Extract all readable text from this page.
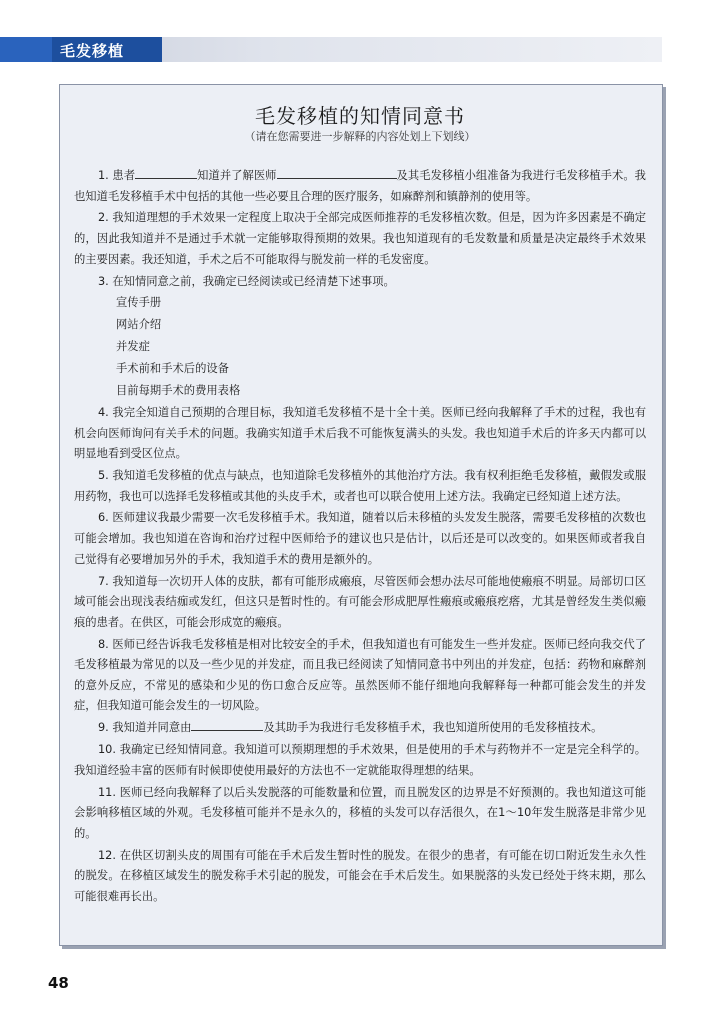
毛发移植
毛发移植的知情同意书
（请在您需要进一步解释的内容处划上下划线）

1. 患者	知道并了解医师	及其毛发移植小组准备为我进行毛发移植手术。我也知道毛发移植手术中包括的其他一些必要且合理的医疗服务，如麻醉剂和镇静剂的使用等。

2. 我知道理想的手术效果一定程度上取决于全部完成医师推荐的毛发移植次数。但是，因为许多因素是不确定的，因此我知道并不是通过手术就一定能够取得预期的效果。我也知道现有的毛发数量和质量是决定最终手术效果的主要因素。我还知道，手术之后不可能取得与脱发前一样的毛发密度。

3. 在知情同意之前，我确定已经阅读或已经清楚下述事项。

宣传手册

网站介绍

并发症

手术前和手术后的设备

目前每期手术的费用表格

4. 我完全知道自己预期的合理目标，我知道毛发移植不是十全十美。医师已经向我解释了手术的过程，我也有机会向医师询问有关手术的问题。我确实知道手术后我不可能恢复满头的头发。我也知道手术后的许多天内都可以明显地看到受区位点。

5. 我知道毛发移植的优点与缺点，也知道除毛发移植外的其他治疗方法。我有权利拒绝毛发移植，戴假发或服用药物，我也可以选择毛发移植或其他的头皮手术，或者也可以联合使用上述方法。我确定已经知道上述方法。

6. 医师建议我最少需要一次毛发移植手术。我知道，随着以后未移植的头发发生脱落，需要毛发移植的次数也可能会增加。我也知道在咨询和治疗过程中医师给予的建议也只是估计，以后还是可以改变的。如果医师或者我自己觉得有必要增加另外的手术，我知道手术的费用是额外的。

7. 我知道每一次切开人体的皮肤，都有可能形成瘢痕，尽管医师会想办法尽可能地使瘢痕不明显。局部切口区域可能会出现浅表结痂或发红，但这只是暂时性的。有可能会形成肥厚性瘢痕或瘢痕疙瘩，尤其是曾经发生类似瘢痕的患者。在供区，可能会形成宽的瘢痕。

8. 医师已经告诉我毛发移植是相对比较安全的手术，但我知道也有可能发生一些并发症。医师已经向我交代了毛发移植最为常见的以及一些少见的并发症，而且我已经阅读了知情同意书中列出的并发症，包括：药物和麻醉剂的意外反应，不常见的感染和少见的伤口愈合反应等。虽然医师不能仔细地向我解释每一种都可能会发生的并发症，但我知道可能会发生的一切风险。

9. 我知道并同意由	及其助手为我进行毛发移植手术，我也知道所使用的毛发移植技术。

10. 我确定已经知情同意。我知道可以预期理想的手术效果，但是使用的手术与药物并不一定是完全科学的。我知道经验丰富的医师有时候即使使用最好的方法也不一定就能取得理想的结果。

11. 医师已经向我解释了以后头发脱落的可能数量和位置，而且脱发区的边界是不好预测的。我也知道这可能会影响移植区域的外观。毛发移植可能并不是永久的，移植的头发可以存活很久，在1～10年发生脱落是非常少见的。

12. 在供区切割头皮的周围有可能在手术后发生暂时性的脱发。在很少的患者，有可能在切口附近发生永久性的脱发。在移植区域发生的脱发称手术引起的脱发，可能会在手术后发生。如果脱落的头发已经处于终末期，那么可能很难再长出。

48
